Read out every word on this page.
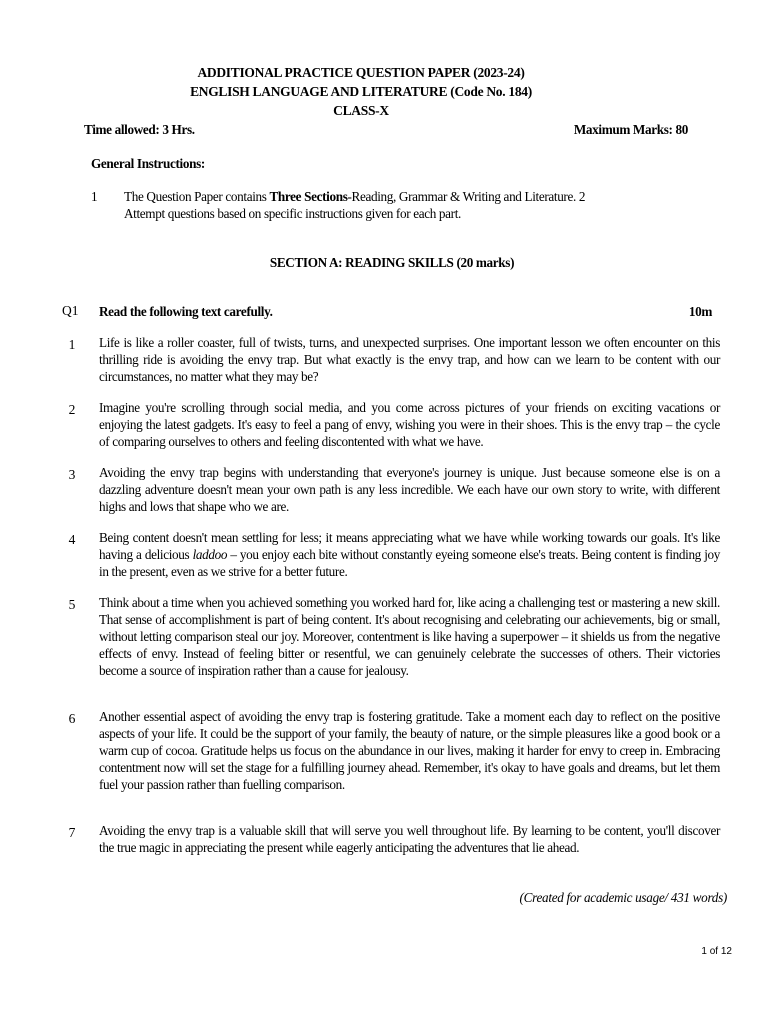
ADDITIONAL PRACTICE QUESTION PAPER (2023-24)
ENGLISH LANGUAGE AND LITERATURE (Code No. 184)
CLASS-X
Time allowed: 3 Hrs.	Maximum Marks: 80
General Instructions:
1 The Question Paper contains Three Sections-Reading, Grammar & Writing and Literature. 2
Attempt questions based on specific instructions given for each part.
SECTION A: READING SKILLS (20 marks)
Q1 Read the following text carefully.	10m
1 Life is like a roller coaster, full of twists, turns, and unexpected surprises. One important lesson we often encounter on this thrilling ride is avoiding the envy trap. But what exactly is the envy trap, and how can we learn to be content with our circumstances, no matter what they may be?
2 Imagine you're scrolling through social media, and you come across pictures of your friends on exciting vacations or enjoying the latest gadgets. It's easy to feel a pang of envy, wishing you were in their shoes. This is the envy trap – the cycle of comparing ourselves to others and feeling discontented with what we have.
3 Avoiding the envy trap begins with understanding that everyone's journey is unique. Just because someone else is on a dazzling adventure doesn't mean your own path is any less incredible. We each have our own story to write, with different highs and lows that shape who we are.
4 Being content doesn't mean settling for less; it means appreciating what we have while working towards our goals. It's like having a delicious laddoo – you enjoy each bite without constantly eyeing someone else's treats. Being content is finding joy in the present, even as we strive for a better future.
5 Think about a time when you achieved something you worked hard for, like acing a challenging test or mastering a new skill. That sense of accomplishment is part of being content. It's about recognising and celebrating our achievements, big or small, without letting comparison steal our joy. Moreover, contentment is like having a superpower – it shields us from the negative effects of envy. Instead of feeling bitter or resentful, we can genuinely celebrate the successes of others. Their victories become a source of inspiration rather than a cause for jealousy.
6 Another essential aspect of avoiding the envy trap is fostering gratitude. Take a moment each day to reflect on the positive aspects of your life. It could be the support of your family, the beauty of nature, or the simple pleasures like a good book or a warm cup of cocoa. Gratitude helps us focus on the abundance in our lives, making it harder for envy to creep in. Embracing contentment now will set the stage for a fulfilling journey ahead. Remember, it's okay to have goals and dreams, but let them fuel your passion rather than fuelling comparison.
7 Avoiding the envy trap is a valuable skill that will serve you well throughout life. By learning to be content, you'll discover the true magic in appreciating the present while eagerly anticipating the adventures that lie ahead.
(Created for academic usage/ 431 words)
1 of 12
